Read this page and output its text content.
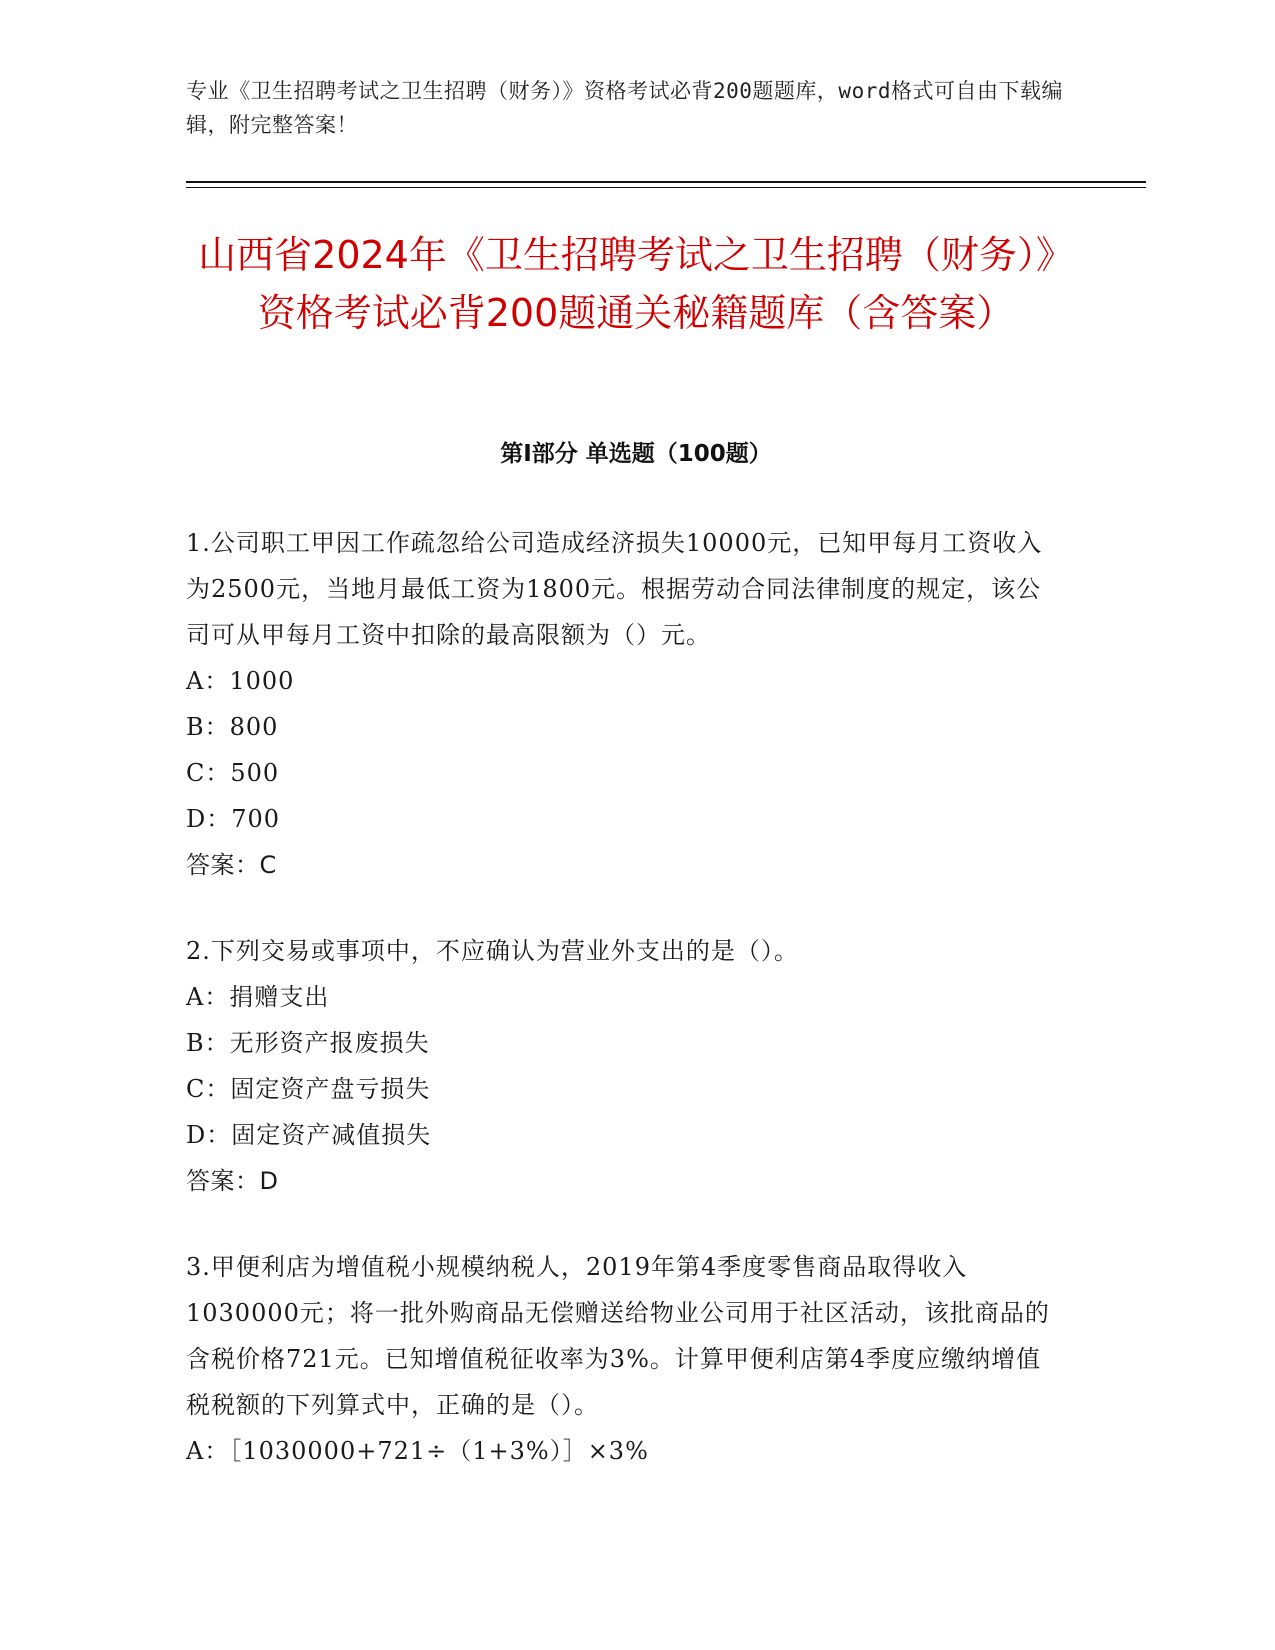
专业《卫生招聘考试之卫生招聘（财务）》资格考试必背200题题库，word格式可自由下载编辑，附完整答案！
山西省2024年《卫生招聘考试之卫生招聘（财务）》资格考试必背200题通关秘籍题库（含答案）
第Ⅰ部分 单选题（100题）

1.公司职工甲因工作疏忽给公司造成经济损失10000元，已知甲每月工资收入为2500元，当地月最低工资为1800元。根据劳动合同法律制度的规定，该公司可从甲每月工资中扣除的最高限额为（）元。

A：1000

B：800

C：500

D：700

答案：C

2.下列交易或事项中，不应确认为营业外支出的是（）。

A：捐赠支出

B：无形资产报废损失

C：固定资产盘亏损失

D：固定资产减值损失

答案：D

3.甲便利店为增值税小规模纳税人，2019年第4季度零售商品取得收入1030000元；将一批外购商品无偿赠送给物业公司用于社区活动，该批商品的含税价格721元。已知增值税征收率为3%。计算甲便利店第4季度应缴纳增值税税额的下列算式中，正确的是（）。

A：［1030000+721÷（1+3%）］×3%
